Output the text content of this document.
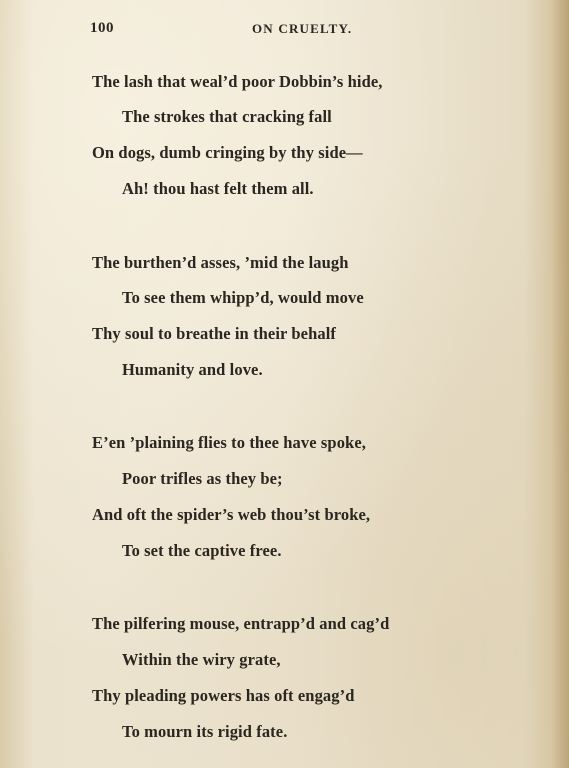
100	ON CRUELTY.
The lash that weal’d poor Dobbin’s hide,
The strokes that cracking fall
On dogs, dumb cringing by thy side—
Ah! thou hast felt them all.
The burthen’d asses, ’mid the laugh
To see them whipp’d, would move
Thy soul to breathe in their behalf
Humanity and love.
E’en ’plaining flies to thee have spoke,
Poor trifles as they be;
And oft the spider’s web thou’st broke,
To set the captive free.
The pilfering mouse, entrapp’d and cag’d
Within the wiry grate,
Thy pleading powers has oft engag’d
To mourn its rigid fate.
